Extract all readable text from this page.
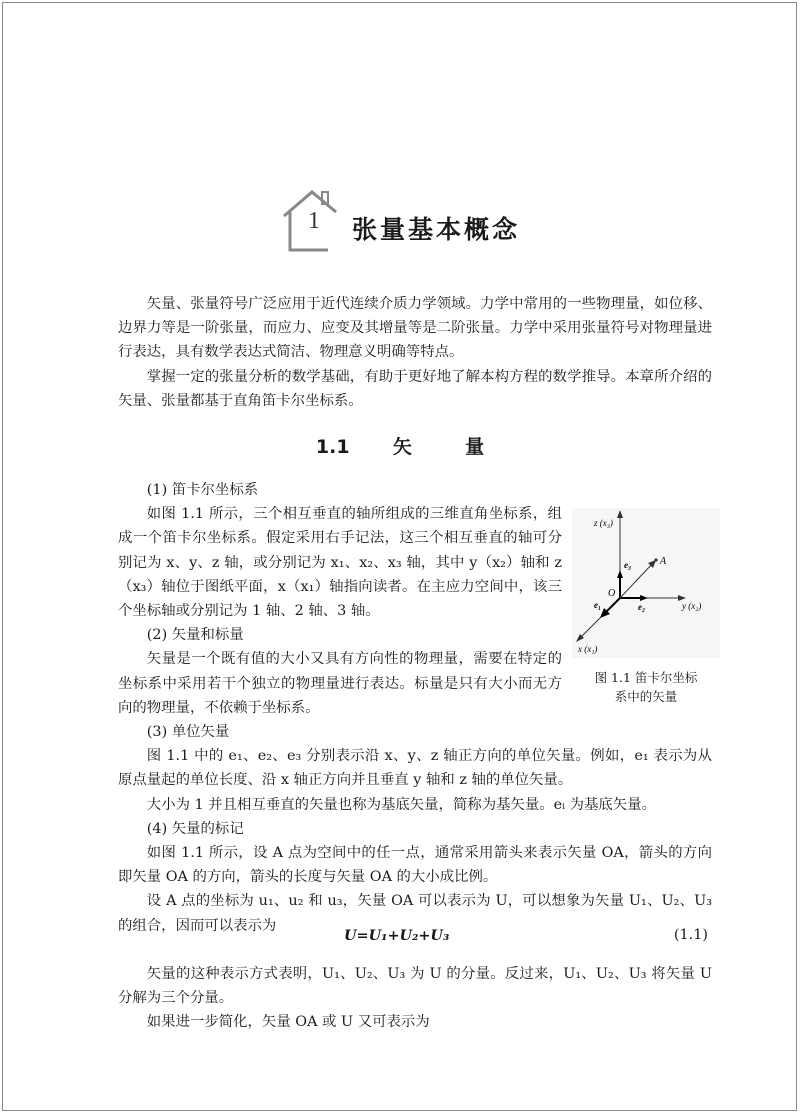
1 张量基本概念

矢量、张量符号广泛应用于近代连续介质力学领域。力学中常用的一些物理量，如位移、边界力等是一阶张量，而应力、应变及其增量等是二阶张量。力学中采用张量符号对物理量进行表达，具有数学表达式简洁、物理意义明确等特点。

掌握一定的张量分析的数学基础，有助于更好地了解本构方程的数学推导。本章所介绍的矢量、张量都基于直角笛卡尔坐标系。

1.1 矢	量

(1) 笛卡尔坐标系

如图 1.1 所示，三个相互垂直的轴所组成的三维直角坐标系，组成一个笛卡尔坐标系。假定采用右手记法，这三个相互垂直的轴可分别记为 x、y、z 轴，或分别记为 x₁、x₂、x₃ 轴，其中 y（x₂）轴和 z（x₃）轴位于图纸平面，x（x₁）轴指向读者。在主应力空间中，该三个坐标轴或分别记为 1 轴、2 轴、3 轴。

(2) 矢量和标量

矢量是一个既有值的大小又具有方向性的物理量，需要在特定的坐标系中采用若干个独立的物理量进行表达。标量是只有大小而无方向的物理量，不依赖于坐标系。

(3) 单位矢量

图 1.1 中的 e₁、e₂、e₃ 分别表示沿 x、y、z 轴正方向的单位矢量。例如，e₁ 表示为从原点量起的单位长度、沿 x 轴正方向并且垂直 y 轴和 z 轴的单位矢量。

大小为 1 并且相互垂直的矢量也称为基底矢量，简称为基矢量。eᵢ 为基底矢量。

(4) 矢量的标记

如图 1.1 所示，设 A 点为空间中的任一点，通常采用箭头来表示矢量 OA，箭头的方向即矢量 OA 的方向，箭头的长度与矢量 OA 的大小成比例。

设 A 点的坐标为 u₁、u₂ 和 u₃，矢量 OA 可以表示为 U，可以想象为矢量 U₁、U₂、U₃ 的组合，因而可以表示为

矢量的这种表示方式表明，U₁、U₂、U₃ 为 U 的分量。反过来，U₁、U₂、U₃ 将矢量 U 分解为三个分量。

如果进一步简化，矢量 OA 或 U 又可表示为

U=U₁+U₂+U₃	(1.1)
z (x₃)
y (x₂)
x (x₁)
O
A
e₁	e₂
e₃
图 1.1 笛卡尔坐标
系中的矢量
